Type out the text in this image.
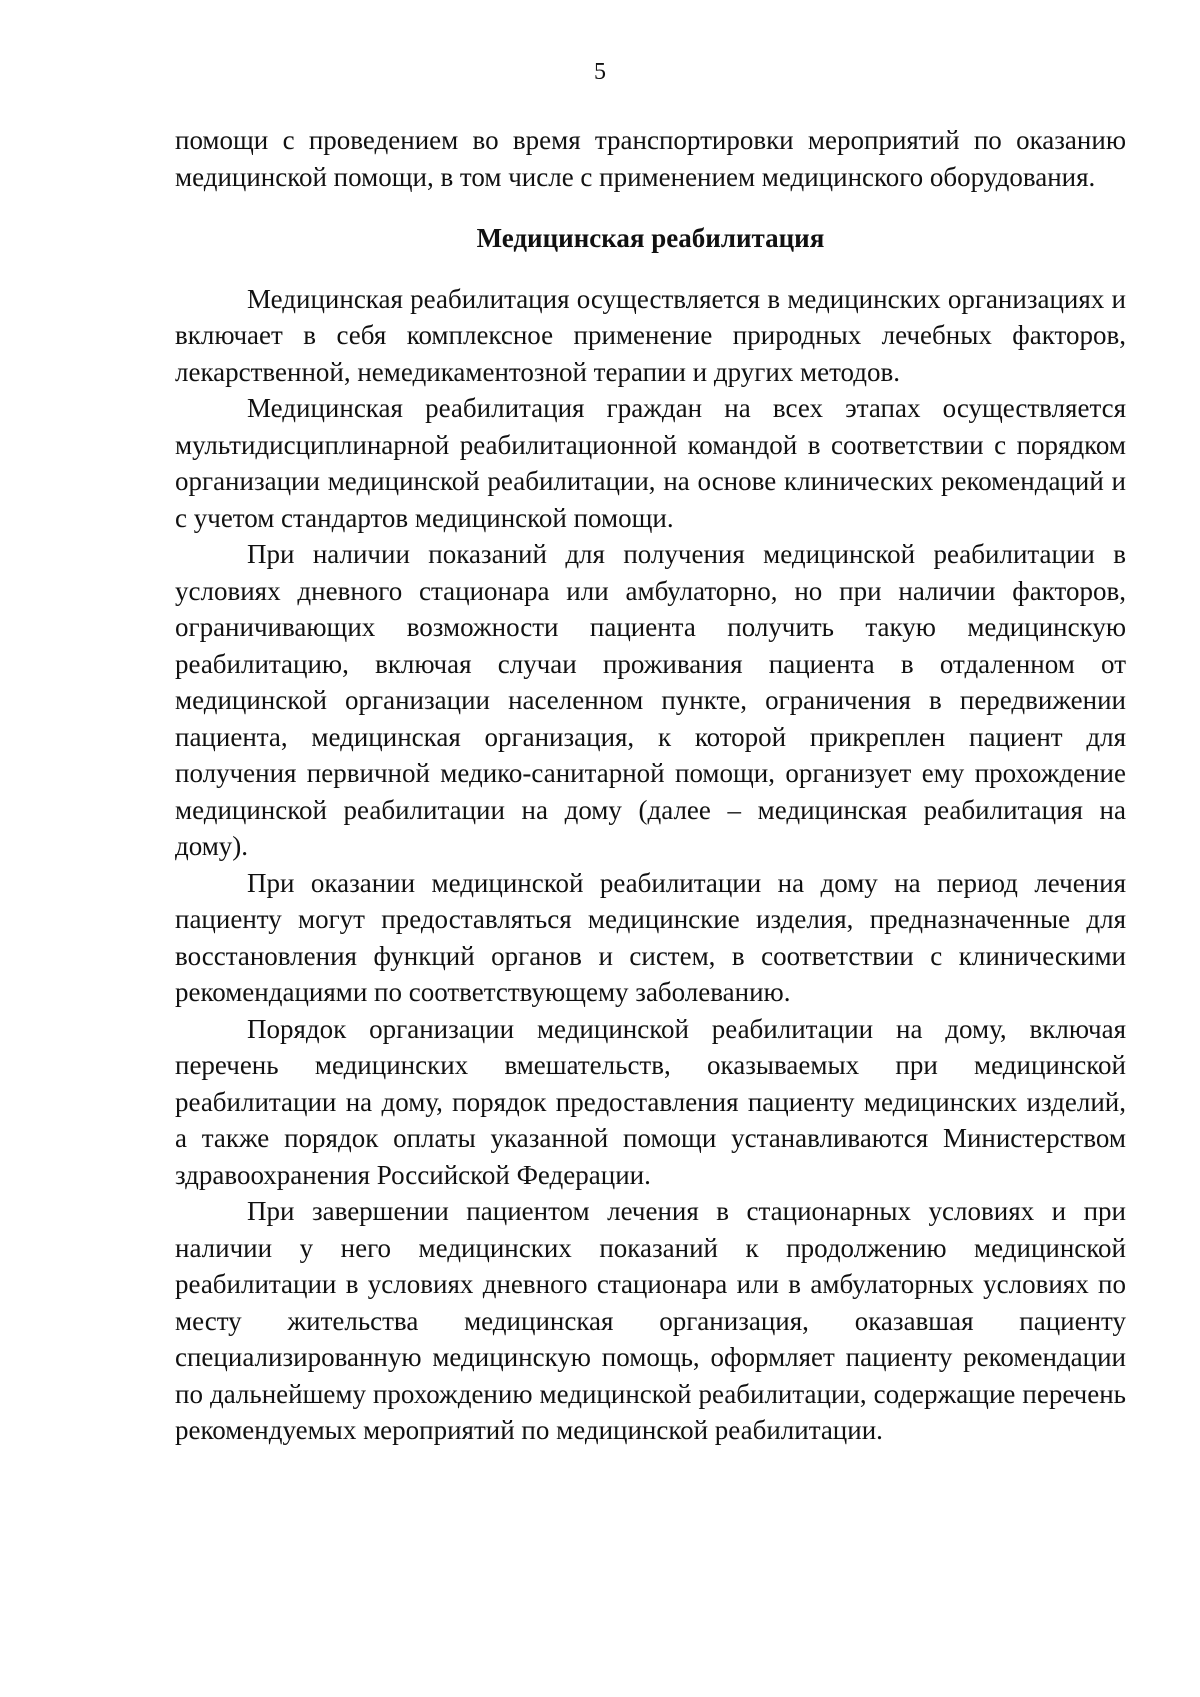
5

помощи с проведением во время транспортировки мероприятий по оказанию медицинской помощи, в том числе с применением медицинского оборудования.

Медицинская реабилитация

Медицинская реабилитация осуществляется в медицинских организациях и включает в себя комплексное применение природных лечебных факторов, лекарственной, немедикаментозной терапии и других методов.

Медицинская реабилитация граждан на всех этапах осуществляется мультидисциплинарной реабилитационной командой в соответствии с порядком организации медицинской реабилитации, на основе клинических рекомендаций и с учетом стандартов медицинской помощи.

При наличии показаний для получения медицинской реабилитации в условиях дневного стационара или амбулаторно, но при наличии факторов, ограничивающих возможности пациента получить такую медицинскую реабилитацию, включая случаи проживания пациента в отдаленном от медицинской организации населенном пункте, ограничения в передвижении пациента, медицинская организация, к которой прикреплен пациент для получения первичной медико-санитарной помощи, организует ему прохождение медицинской реабилитации на дому (далее – медицинская реабилитация на дому).

При оказании медицинской реабилитации на дому на период лечения пациенту могут предоставляться медицинские изделия, предназначенные для восстановления функций органов и систем, в соответствии с клиническими рекомендациями по соответствующему заболеванию.

Порядок организации медицинской реабилитации на дому, включая перечень медицинских вмешательств, оказываемых при медицинской реабилитации на дому, порядок предоставления пациенту медицинских изделий, а также порядок оплаты указанной помощи устанавливаются Министерством здравоохранения Российской Федерации.

При завершении пациентом лечения в стационарных условиях и при наличии у него медицинских показаний к продолжению медицинской реабилитации в условиях дневного стационара или в амбулаторных условиях по месту жительства медицинская организация, оказавшая пациенту специализированную медицинскую помощь, оформляет пациенту рекомендации по дальнейшему прохождению медицинской реабилитации, содержащие перечень рекомендуемых мероприятий по медицинской реабилитации.
